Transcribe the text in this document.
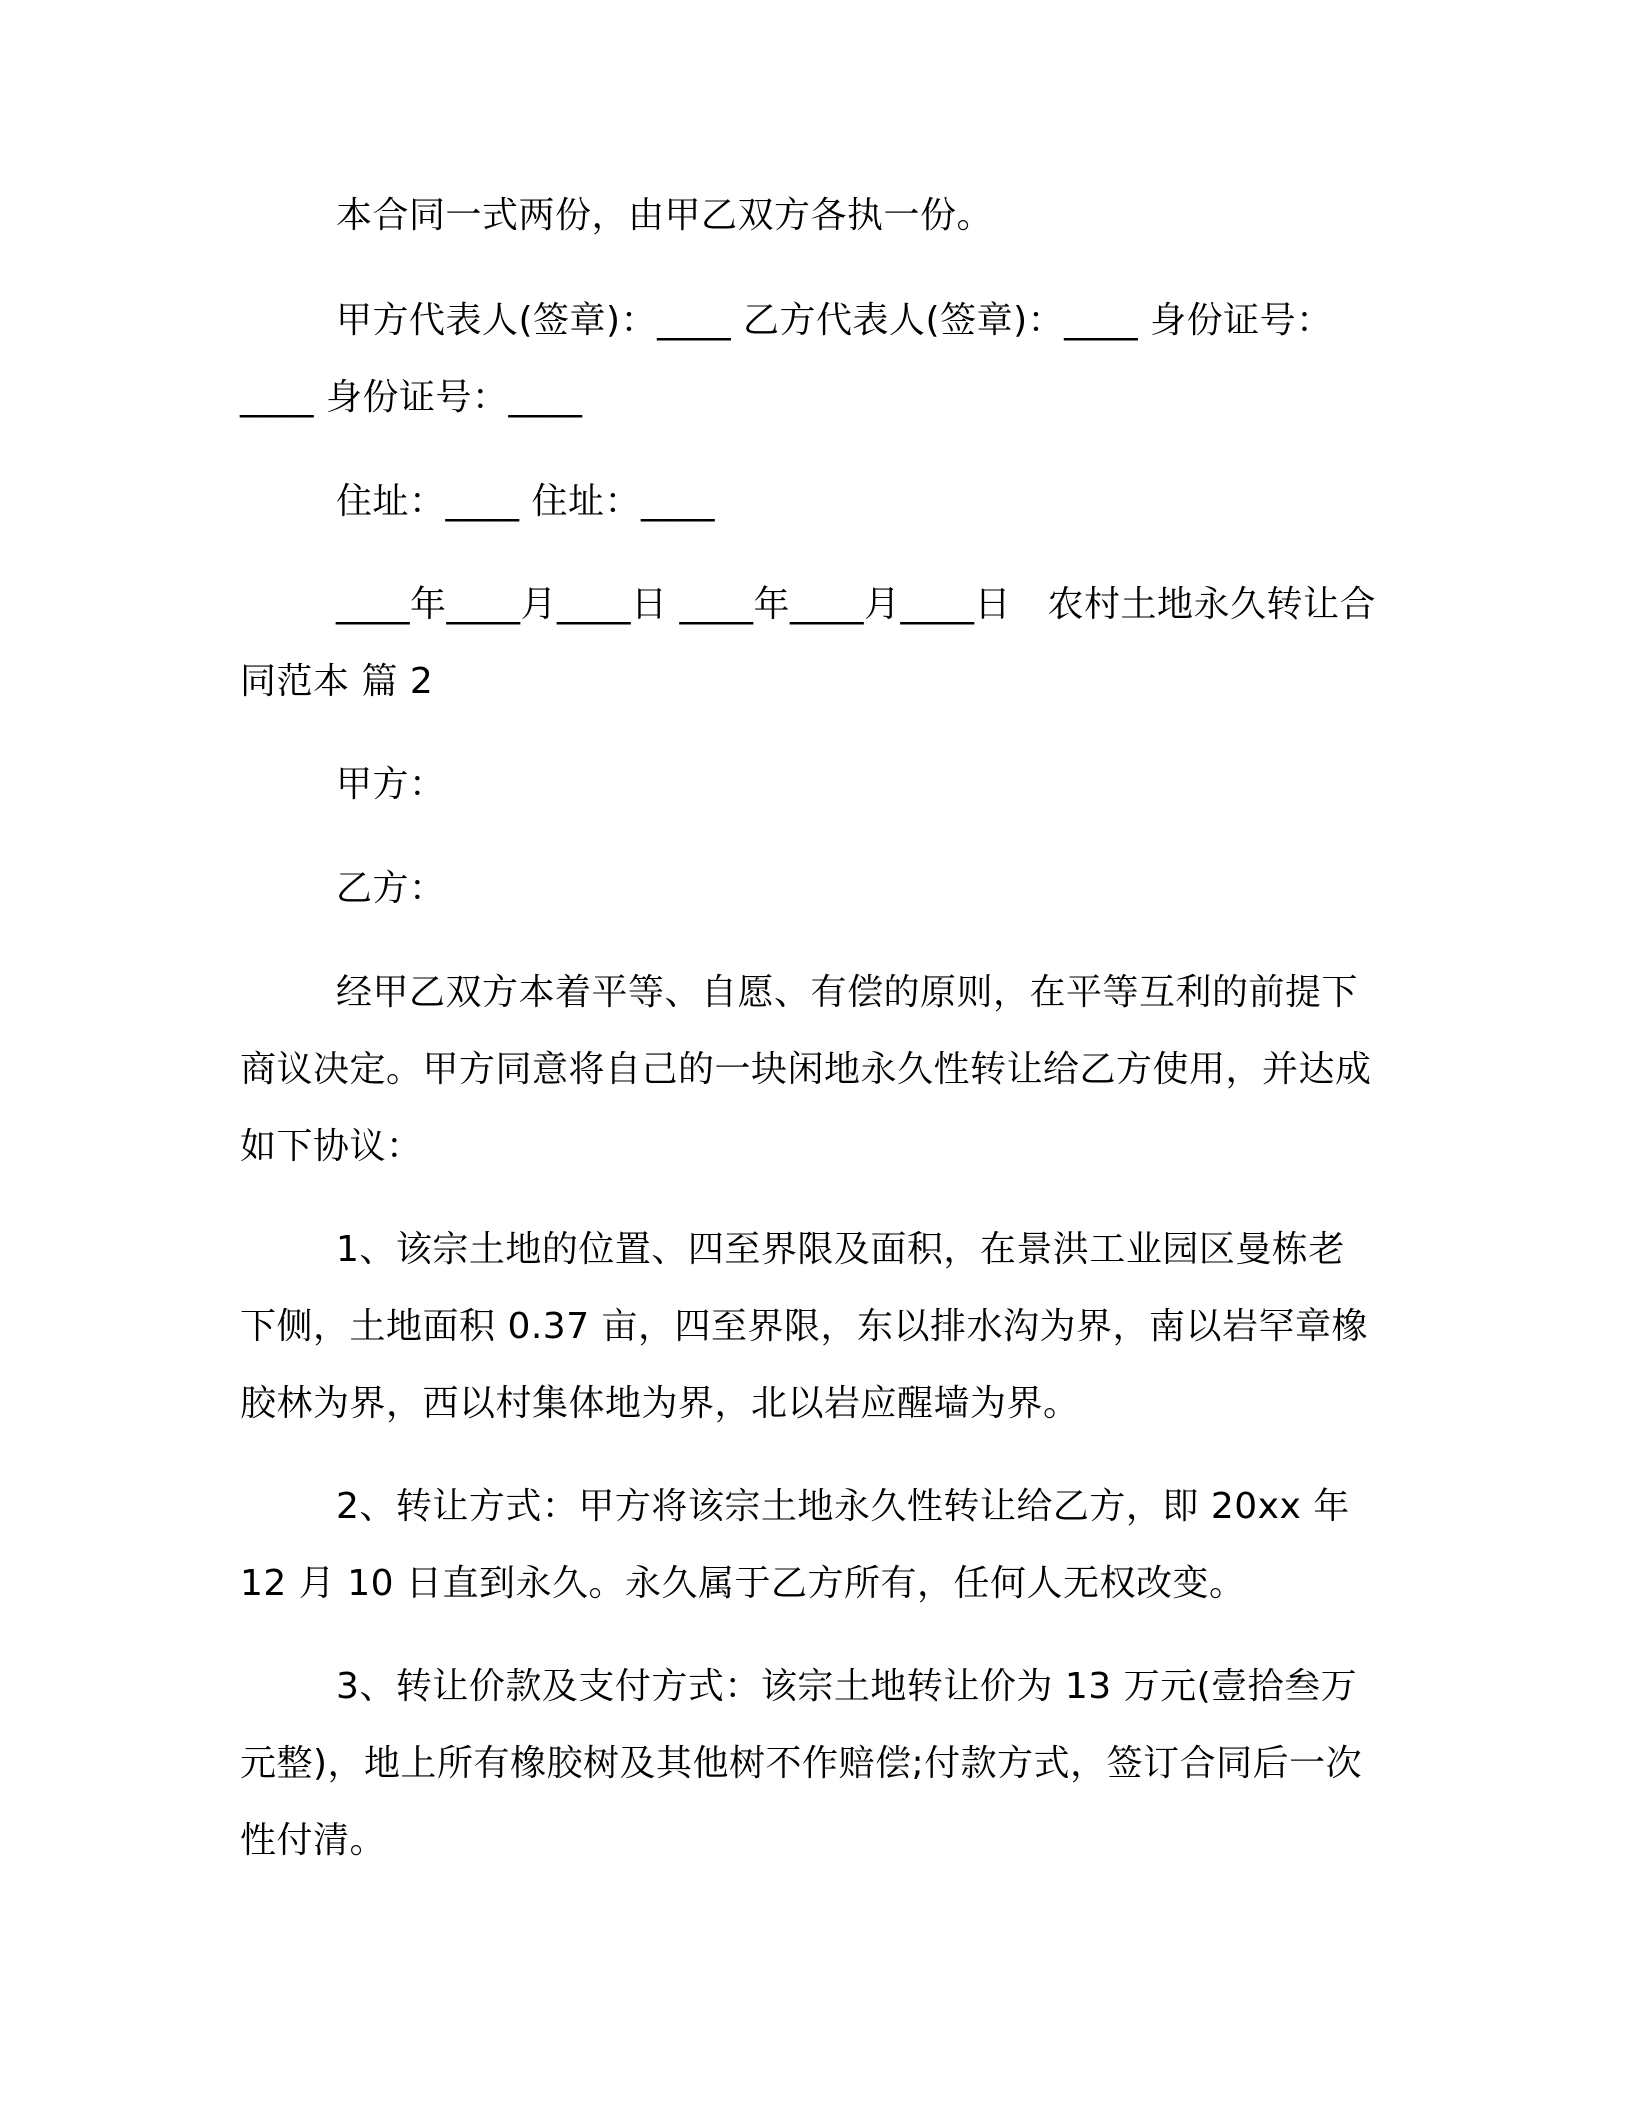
本合同一式两份，由甲乙双方各执一份。

甲方代表人(签章)：____ 乙方代表人(签章)：____ 身份证号：____ 身份证号：____

住址：____ 住址：____

____年____月____日 ____年____月____日　农村土地永久转让合同范本 篇 2

甲方：

乙方：

经甲乙双方本着平等、自愿、有偿的原则，在平等互利的前提下商议决定。甲方同意将自己的一块闲地永久性转让给乙方使用，并达成如下协议：

1、该宗土地的位置、四至界限及面积，在景洪工业园区曼栋老下侧，土地面积 0.37 亩，四至界限，东以排水沟为界，南以岩罕章橡胶林为界，西以村集体地为界，北以岩应醒墙为界。

2、转让方式：甲方将该宗土地永久性转让给乙方，即 20xx 年 12 月 10 日直到永久。永久属于乙方所有，任何人无权改变。

3、转让价款及支付方式：该宗土地转让价为 13 万元(壹拾叁万元整)，地上所有橡胶树及其他树不作赔偿;付款方式，签订合同后一次性付清。
